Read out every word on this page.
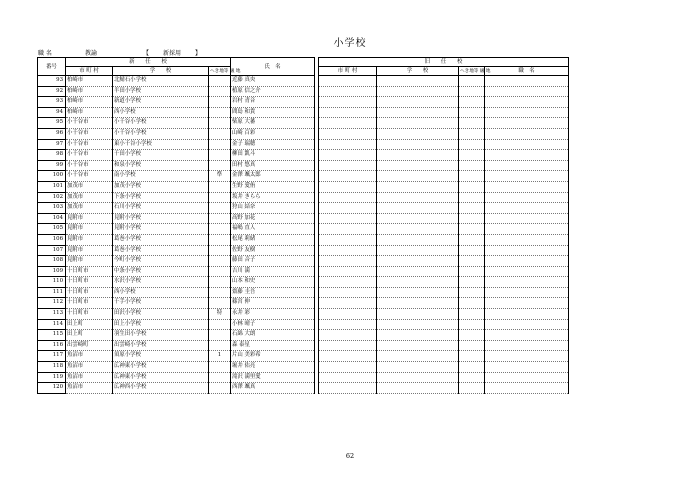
小学校
職 名	教諭	【 新採用 】
番号	新　　任　　校			氏　名		旧　　任　　校			
	市 町 村	学　　校	へき地等 級 地			市 町 村	学　　校	へき地等 級 地	職　名
93	柏崎市	北鯖石小学校		近藤 真央					
92	柏崎市	半田小学校		植原 信之介					
93	柏崎市	新道小学校		岩村 青音					
94	柏崎市	西小学校		間島 和貴					
95	小千谷市	小千谷小学校		柴原 大蕃					
96	小千谷市	小千谷小学校		山崎 百彩					
97	小千谷市	東小千谷小学校		金子 瑞穂					
98	小千谷市	千田小学校		柳田 凱斗					
99	小千谷市	和泉小学校		田村 悠真					
100	小千谷市	南小学校	準	金澤 颯太郎					
101	加茂市	加茂小学校		生野 愛侑					
102	加茂市	下条小学校		坂井 きらら					
103	加茂市	石川小学校		狩山 結奈					
104	見附市	見附小学校		高野 加花					
105	見附市	見附小学校		福嶋 直人					
106	見附市	葛巻小学校		松尾 莉緒					
107	見附市	葛巻小学校		佐野 友樹					
108	見附市	今町小学校		藤田 音子					
109	十日町市	中条小学校		吉川 満					
110	十日町市	水沢小学校		山本 和史					
111	十日町市	西小学校		齋藤 圭吾					
112	十日町市	千手小学校		篠宮 伸					
113	十日町市	田沢小学校	特	永井 彩					
114	田上町	田上小学校		小林 晴子					
115	田上町	羽生田小学校		石綿 大朗					
116	出雲崎町	出雲崎小学校		森 泰星					
117	魚沼市	須原小学校	1	片山 美彩希					
118	魚沼市	広神東小学校		堀井 佑亮					
119	魚沼市	広神東小学校		滝沢 満里愛					
120	魚沼市	広神西小学校		西澤 颯真					
62
